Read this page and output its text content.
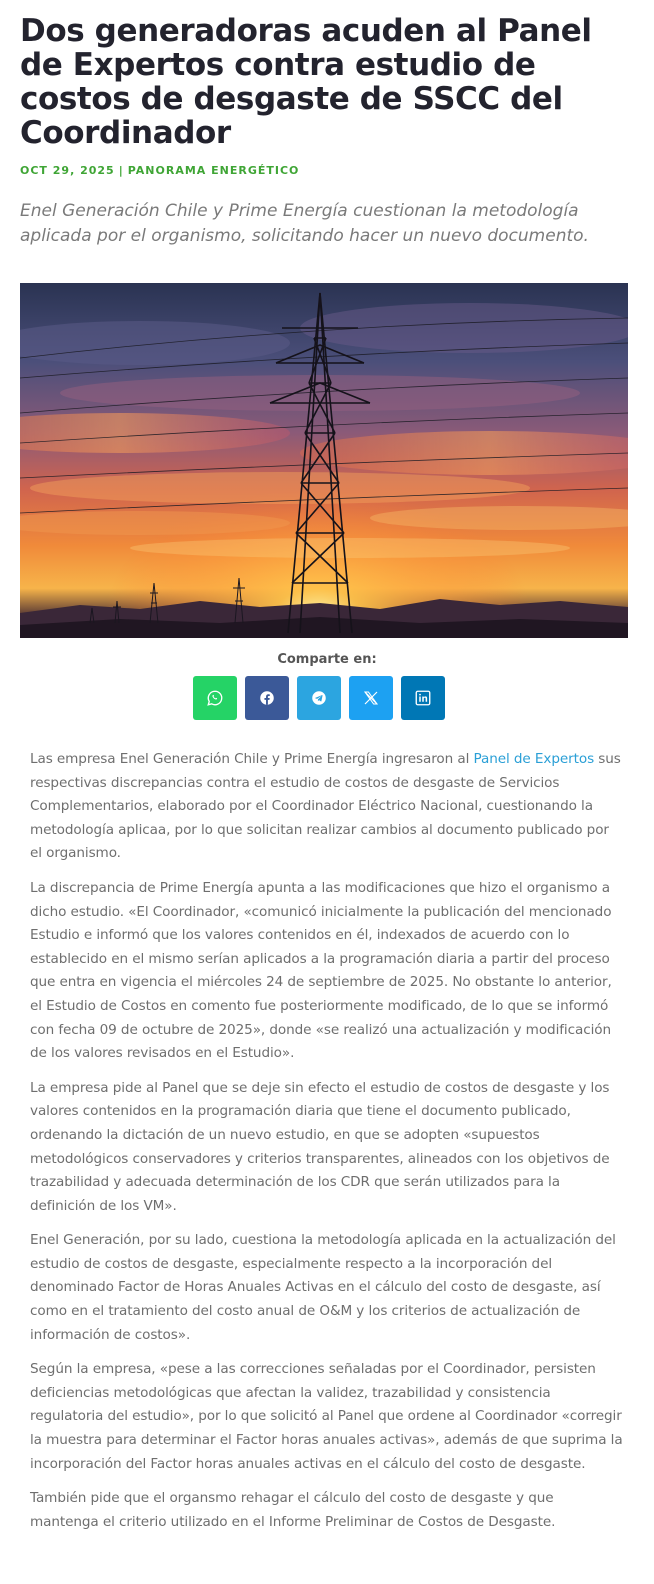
Dos generadoras acuden al Panel de Expertos contra estudio de costos de desgaste de SSCC del Coordinador
OCT 29, 2025 | PANORAMA ENERGÉTICO
Enel Generación Chile y Prime Energía cuestionan la metodología aplicada por el organismo, solicitando hacer un nuevo documento.
Comparte en:

Las empresa Enel Generación Chile y Prime Energía ingresaron al Panel de Expertos sus respectivas discrepancias contra el estudio de costos de desgaste de Servicios Complementarios, elaborado por el Coordinador Eléctrico Nacional, cuestionando la metodología aplicaa, por lo que solicitan realizar cambios al documento publicado por el organismo.

La discrepancia de Prime Energía apunta a las modificaciones que hizo el organismo a dicho estudio. «El Coordinador, «comunicó inicialmente la publicación del mencionado Estudio e informó que los valores contenidos en él, indexados de acuerdo con lo establecido en el mismo serían aplicados a la programación diaria a partir del proceso que entra en vigencia el miércoles 24 de septiembre de 2025. No obstante lo anterior, el Estudio de Costos en comento fue posteriormente modificado, de lo que se informó con fecha 09 de octubre de 2025», donde «se realizó una actualización y modificación de los valores revisados en el Estudio».

La empresa pide al Panel que se deje sin efecto el estudio de costos de desgaste y los valores contenidos en la programación diaria que tiene el documento publicado, ordenando la dictación de un nuevo estudio, en que se adopten «supuestos metodológicos conservadores y criterios transparentes, alineados con los objetivos de trazabilidad y adecuada determinación de los CDR que serán utilizados para la definición de los VM».

Enel Generación, por su lado, cuestiona la metodología aplicada en la actualización del estudio de costos de desgaste, especialmente respecto a la incorporación del denominado Factor de Horas Anuales Activas en el cálculo del costo de desgaste, así como en el tratamiento del costo anual de O&M y los criterios de actualización de información de costos».

Según la empresa, «pese a las correcciones señaladas por el Coordinador, persisten deficiencias metodológicas que afectan la validez, trazabilidad y consistencia regulatoria del estudio», por lo que solicitó al Panel que ordene al Coordinador «corregir la muestra para determinar el Factor horas anuales activas», además de que suprima la incorporación del Factor horas anuales activas en el cálculo del costo de desgaste.

También pide que el organsmo rehagar el cálculo del costo de desgaste y que mantenga el criterio utilizado en el Informe Preliminar de Costos de Desgaste.
